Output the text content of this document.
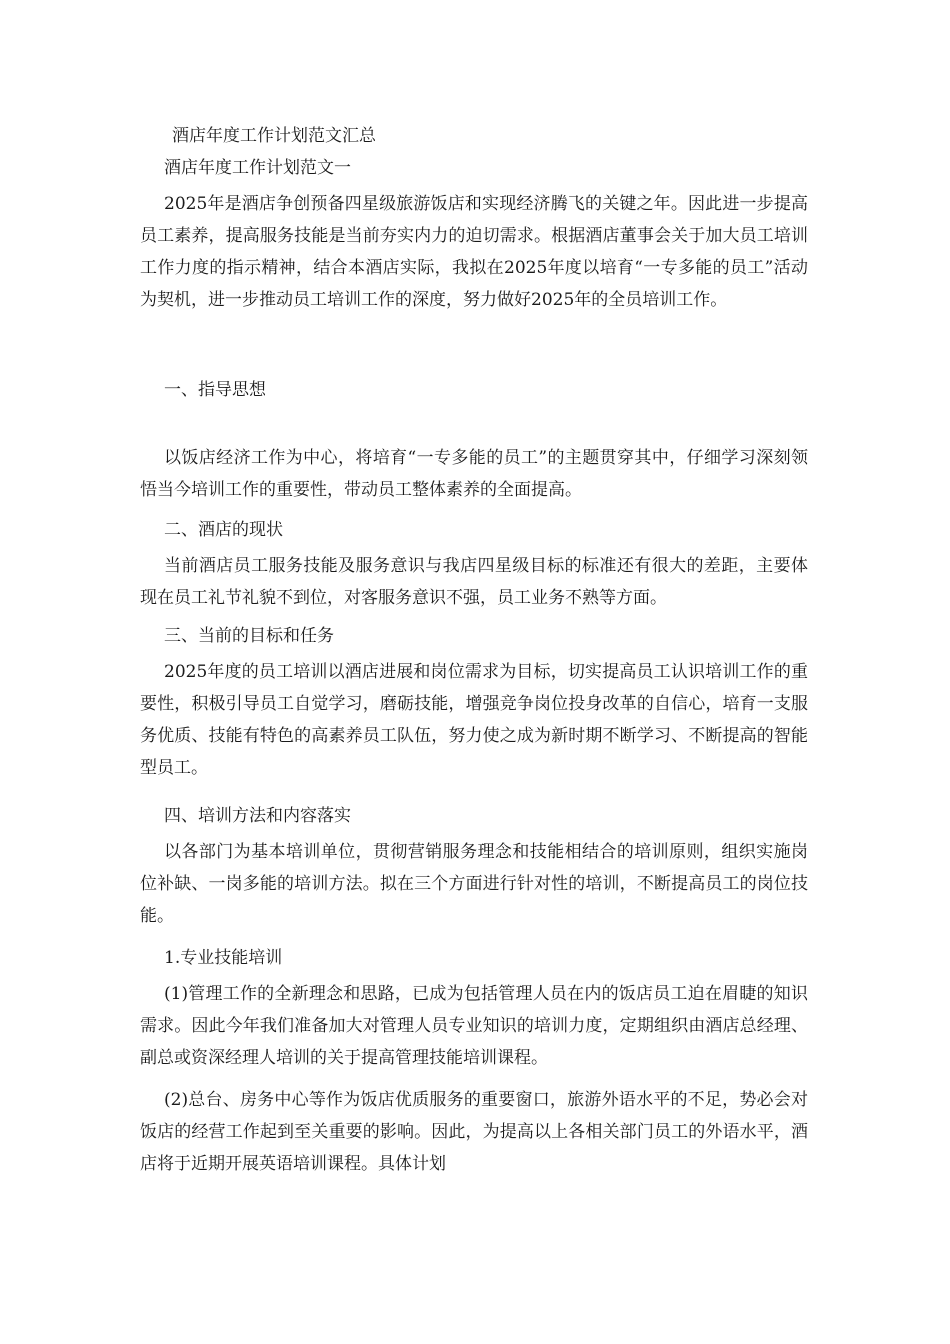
酒店年度工作计划范文汇总

酒店年度工作计划范文一

2025年是酒店争创预备四星级旅游饭店和实现经济腾飞的关键之年。因此进一步提高员工素养，提高服务技能是当前夯实内力的迫切需求。根据酒店董事会关于加大员工培训工作力度的指示精神，结合本酒店实际，我拟在2025年度以培育“一专多能的员工”活动为契机，进一步推动员工培训工作的深度，努力做好2025年的全员培训工作。

一、指导思想

以饭店经济工作为中心，将培育“一专多能的员工”的主题贯穿其中，仔细学习深刻领悟当今培训工作的重要性，带动员工整体素养的全面提高。

二、酒店的现状

当前酒店员工服务技能及服务意识与我店四星级目标的标准还有很大的差距，主要体现在员工礼节礼貌不到位，对客服务意识不强，员工业务不熟等方面。

三、当前的目标和任务

2025年度的员工培训以酒店进展和岗位需求为目标，切实提高员工认识培训工作的重要性，积极引导员工自觉学习，磨砺技能，增强竞争岗位投身改革的自信心，培育一支服务优质、技能有特色的高素养员工队伍，努力使之成为新时期不断学习、不断提高的智能型员工。

四、培训方法和内容落实

以各部门为基本培训单位，贯彻营销服务理念和技能相结合的培训原则，组织实施岗位补缺、一岗多能的培训方法。拟在三个方面进行针对性的培训，不断提高员工的岗位技能。

1.专业技能培训

(1)管理工作的全新理念和思路，已成为包括管理人员在内的饭店员工迫在眉睫的知识需求。因此今年我们准备加大对管理人员专业知识的培训力度，定期组织由酒店总经理、副总或资深经理人培训的关于提高管理技能培训课程。

(2)总台、房务中心等作为饭店优质服务的重要窗口，旅游外语水平的不足，势必会对饭店的经营工作起到至关重要的影响。因此，为提高以上各相关部门员工的外语水平，酒店将于近期开展英语培训课程。具体计划
